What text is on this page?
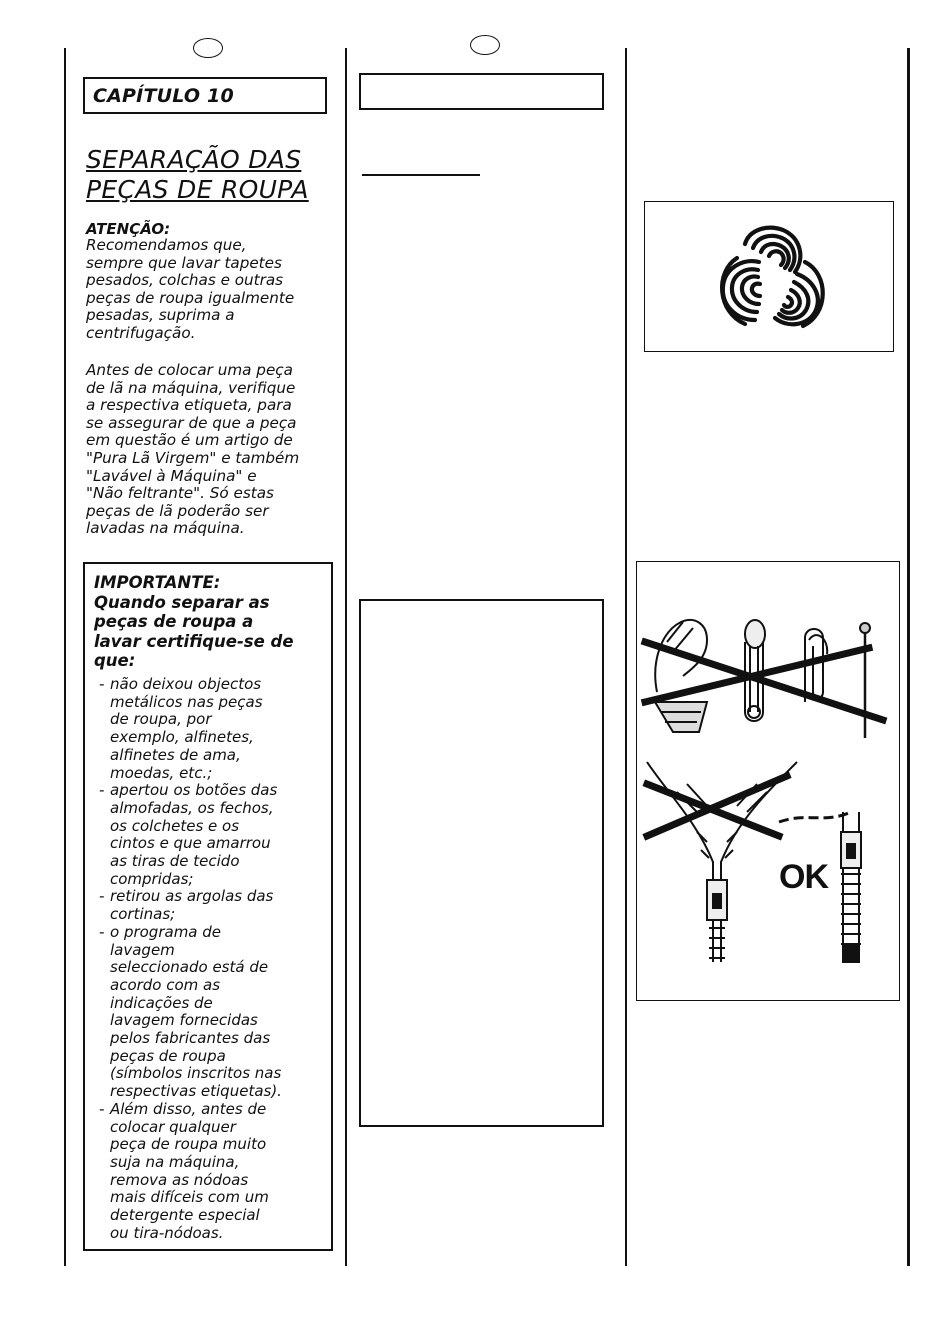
CAPÍTULO 10
SEPARAÇÃO DAS
PEÇAS DE ROUPA
ATENÇÃO:

Recomendamos que,
sempre que lavar tapetes
pesados, colchas e outras
peças de roupa igualmente
pesadas, suprima a
centrifugação.

Antes de colocar uma peça
de lã na máquina, verifique
a respectiva etiqueta, para
se assegurar de que a peça
em questão é um artigo de
"Pura Lã Virgem" e também
"Lavável à Máquina" e
"Não feltrante". Só estas
peças de lã poderão ser
lavadas na máquina.

IMPORTANTE:
Quando separar as
peças de roupa a
lavar certifique-se de
que:
- não deixou objectos
metálicos nas peças
de roupa, por
exemplo, alfinetes,
alfinetes de ama,
moedas, etc.;
- apertou os botões das
almofadas, os fechos,
os colchetes e os
cintos e que amarrou
as tiras de tecido
compridas;
- retirou as argolas das
cortinas;
- o programa de
lavagem
seleccionado está de
acordo com as
indicações de
lavagem fornecidas
pelos fabricantes das
peças de roupa
(símbolos inscritos nas
respectivas etiquetas).
- Além disso, antes de
colocar qualquer
peça de roupa muito
suja na máquina,
remova as nódoas
mais difíceis com um
detergente especial
ou tira-nódoas.
OK
